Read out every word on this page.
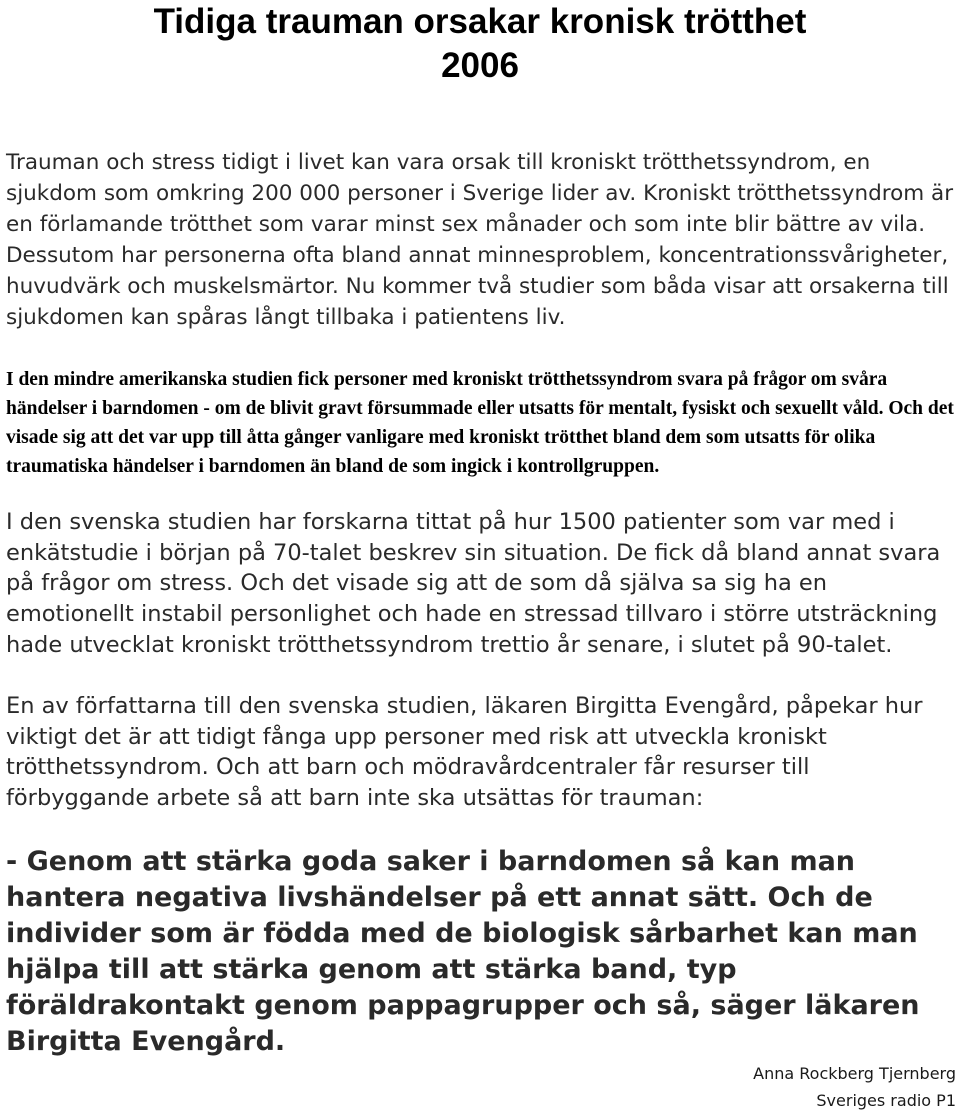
Tidiga trauman orsakar kronisk trötthet
2006

Trauman och stress tidigt i livet kan vara orsak till kroniskt trötthetssyndrom, en sjukdom som omkring 200 000 personer i Sverige lider av. Kroniskt trötthetssyndrom är en förlamande trötthet som varar minst sex månader och som inte blir bättre av vila. Dessutom har personerna ofta bland annat minnesproblem, koncentrationssvårigheter, huvudvärk och muskelsmärtor. Nu kommer två studier som båda visar att orsakerna till sjukdomen kan spåras långt tillbaka i patientens liv.

I den mindre amerikanska studien fick personer med kroniskt trötthetssyndrom svara på frågor om svåra händelser i barndomen - om de blivit gravt försummade eller utsatts för mentalt, fysiskt och sexuellt våld. Och det visade sig att det var upp till åtta gånger vanligare med kroniskt trötthet bland dem som utsatts för olika traumatiska händelser i barndomen än bland de som ingick i kontrollgruppen.

I den svenska studien har forskarna tittat på hur 1500 patienter som var med i enkätstudie i början på 70-talet beskrev sin situation. De fick då bland annat svara på frågor om stress. Och det visade sig att de som då själva sa sig ha en emotionellt instabil personlighet och hade en stressad tillvaro i större utsträckning hade utvecklat kroniskt trötthetssyndrom trettio år senare, i slutet på 90-talet.

En av författarna till den svenska studien, läkaren Birgitta Evengård, påpekar hur viktigt det är att tidigt fånga upp personer med risk att utveckla kroniskt trötthetssyndrom. Och att barn och mödravårdcentraler får resurser till förbyggande arbete så att barn inte ska utsättas för trauman:

- Genom att stärka goda saker i barndomen så kan man hantera negativa livshändelser på ett annat sätt. Och de individer som är födda med de biologisk sårbarhet kan man hjälpa till att stärka genom att stärka band, typ föräldrakontakt genom pappagrupper och så, säger läkaren Birgitta Evengård.

Anna Rockberg Tjernberg
Sveriges radio P1
